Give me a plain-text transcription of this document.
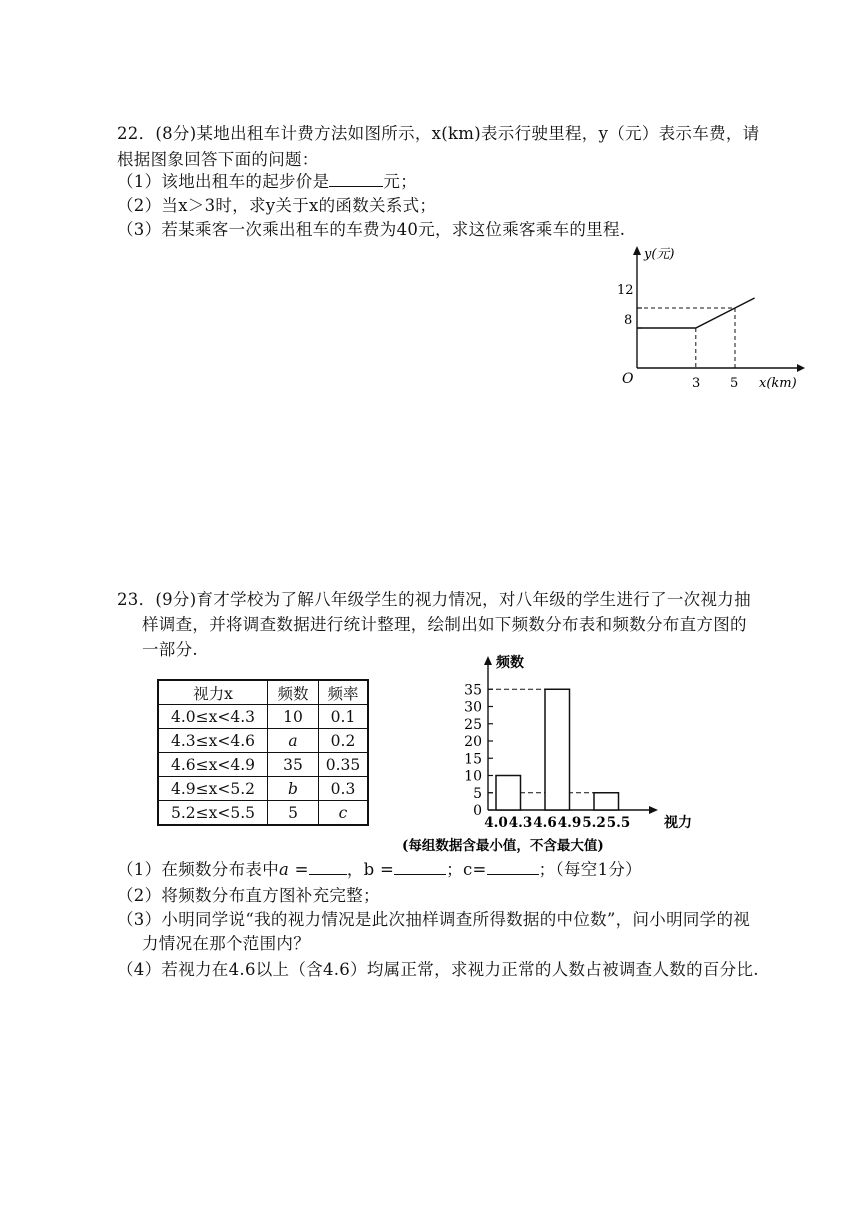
22．(8分)某地出租车计费方法如图所示，x(km)表示行驶里程，y（元）表示车费，请
根据图象回答下面的问题：
（1）该地出租车的起步价是	元；
（2）当x＞3时，求y关于x的函数关系式；
（3）若某乘客一次乘出租车的车费为40元，求这位乘客乘车的里程.
y(元)
x(km)
O
12
8
3 5
23．(9分)育才学校为了解八年级学生的视力情况，对八年级的学生进行了一次视力抽
样调查，并将调查数据进行统计整理，绘制出如下频数分布表和频数分布直方图的
一部分.
视力x	频数	频率
4.0≤x<4.3	10	0.1
4.3≤x<4.6	a	0.2
4.6≤x<4.9	35	0.35
4.9≤x<5.2	b	0.3
5.2≤x<5.5	5	c
频数
视力
0
5
10
15
20
25
30
35
4.0 4.3 4.6 4.9 5.2 5.5
(每组数据含最小值，不含最大值)
（1）在频数分布表中a = ，b =	；c=	；（每空1分）
（2）将频数分布直方图补充完整；
（3）小明同学说“我的视力情况是此次抽样调查所得数据的中位数”，问小明同学的视
力情况在那个范围内？
（4）若视力在4.6以上（含4.6）均属正常，求视力正常的人数占被调查人数的百分比.
